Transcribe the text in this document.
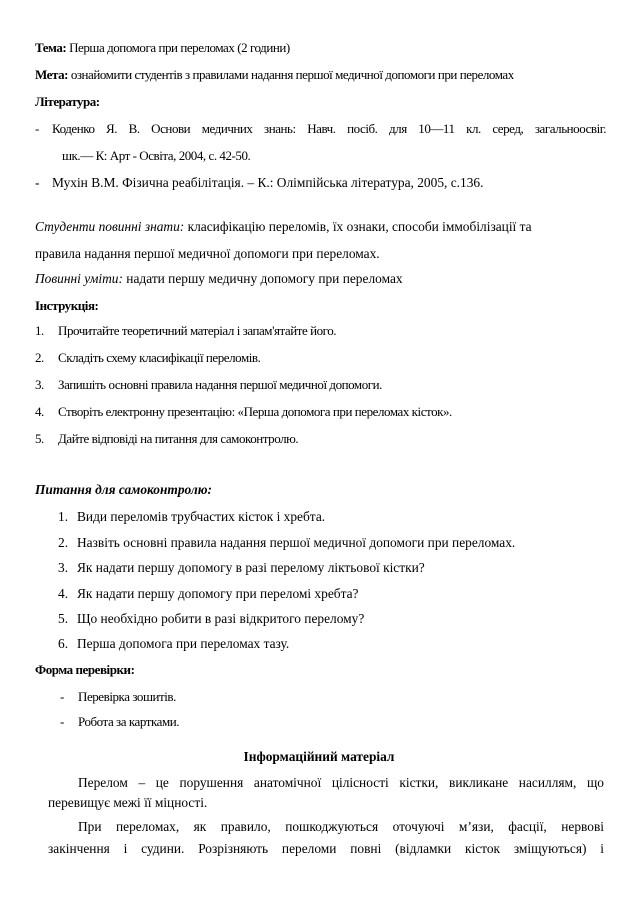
Тема: Перша допомога при переломах (2 години)
Мета: ознайомити студентів з правилами надання першої медичної допомоги при переломах
Література:
- Коденко Я. В. Основи медичних знань: Навч. посіб. для 10—11 кл. серед, загальноосвіг.
шк.— К: Арт - Освіта, 2004, с. 42-50.
- Мухін В.М. Фізична реабілітація. – К.: Олімпійська література, 2005, с.136.
Студенти повинні знати: класифікацію переломів, їх ознаки, способи іммобілізації та
правила надання першої медичної допомоги при переломах.
Повинні уміти: надати першу медичну допомогу при переломах
Інструкція:
1. Прочитайте теоретичний матеріал і запам'ятайте його.
2. Складіть схему класифікації переломів.
3. Запишіть основні правила надання першої медичної допомоги.
4. Створіть електронну презентацію: «Перша допомога при переломах кісток».
5. Дайте відповіді на питання для самоконтролю.
Питання для самоконтролю:
1. Види переломів трубчастих кісток і хребта.
2. Назвіть основні правила надання першої медичної допомоги при переломах.
3. Як надати першу допомогу в разі перелому ліктьової кістки?
4. Як надати першу допомогу при переломі хребта?
5. Що необхідно робити в разі відкритого перелому?
6. Перша допомога при переломах тазу.
Форма перевірки:
- Перевірка зошитів.
- Робота за картками.
Інформаційний матеріал
Перелом – це порушення анатомічної цілісності кістки, викликане насиллям, що
перевищує межі її міцності.
При переломах, як правило, пошкоджуються оточуючі м’язи, фасції, нервові
закінчення і судини. Розрізняють переломи повні (відламки кісток зміщуються) і
